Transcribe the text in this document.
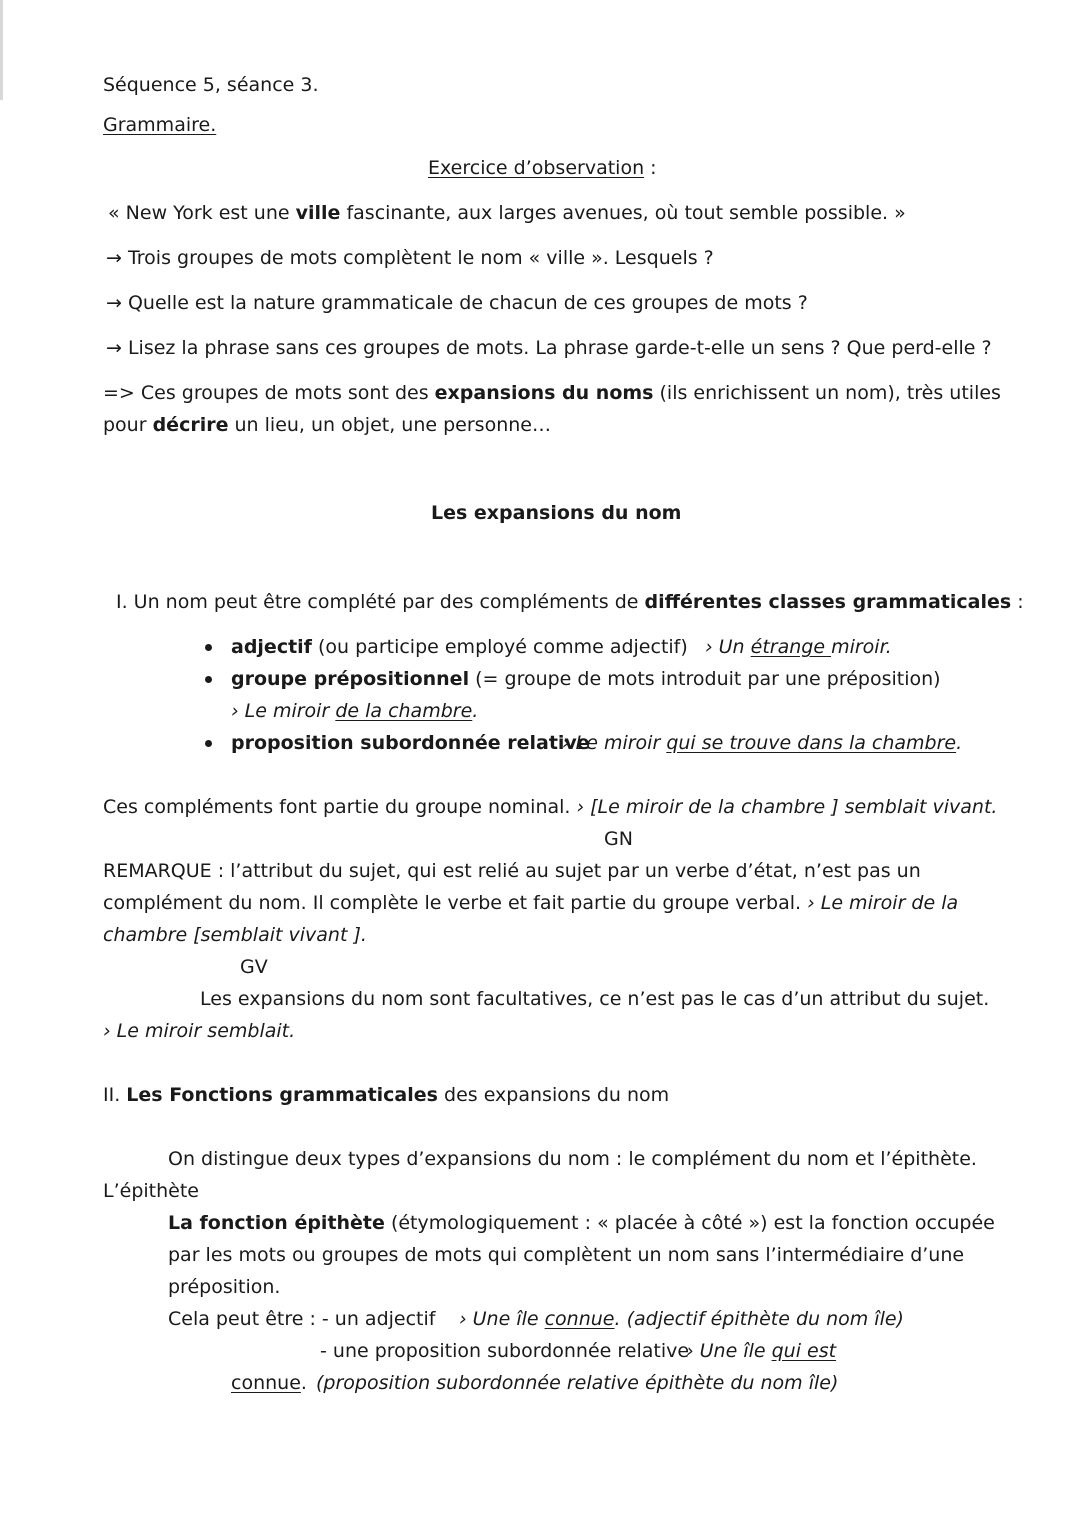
Séquence 5, séance 3.
Grammaire.
Exercice d’observation :
« New York est une ville fascinante, aux larges avenues, où tout semble possible. »
→ Trois groupes de mots complètent le nom « ville ». Lesquels ?
→ Quelle est la nature grammaticale de chacun de ces groupes de mots ?
→ Lisez la phrase sans ces groupes de mots. La phrase garde-t-elle un sens ? Que perd-elle ?
=> Ces groupes de mots sont des expansions du noms (ils enrichissent un nom), très utiles
pour décrire un lieu, un objet, une personne…
Les expansions du nom
I. Un nom peut être complété par des compléments de différentes classes grammaticales :
adjectif (ou participe employé comme adjectif) › Un étrange miroir.
groupe prépositionnel (= groupe de mots introduit par une préposition)
› Le miroir de la chambre.
proposition subordonnée relative
› Le miroir qui se trouve dans la chambre.
Ces compléments font partie du groupe nominal. › [Le miroir de la chambre ] semblait vivant.
GN
REMARQUE : l’attribut du sujet, qui est relié au sujet par un verbe d’état, n’est pas un
complément du nom. Il complète le verbe et fait partie du groupe verbal. › Le miroir de la
chambre [semblait vivant ].
GV
Les expansions du nom sont facultatives, ce n’est pas le cas d’un attribut du sujet.
› Le miroir semblait.
II. Les Fonctions grammaticales des expansions du nom
On distingue deux types d’expansions du nom : le complément du nom et l’épithète.
L’épithète
La fonction épithète (étymologiquement : « placée à côté ») est la fonction occupée
par les mots ou groupes de mots qui complètent un nom sans l’intermédiaire d’une
préposition.
Cela peut être : - un adjectif › Une île connue. (adjectif épithète du nom île)
- une proposition subordonnée relative
› Une île qui est
connue. (proposition subordonnée relative épithète du nom île)
